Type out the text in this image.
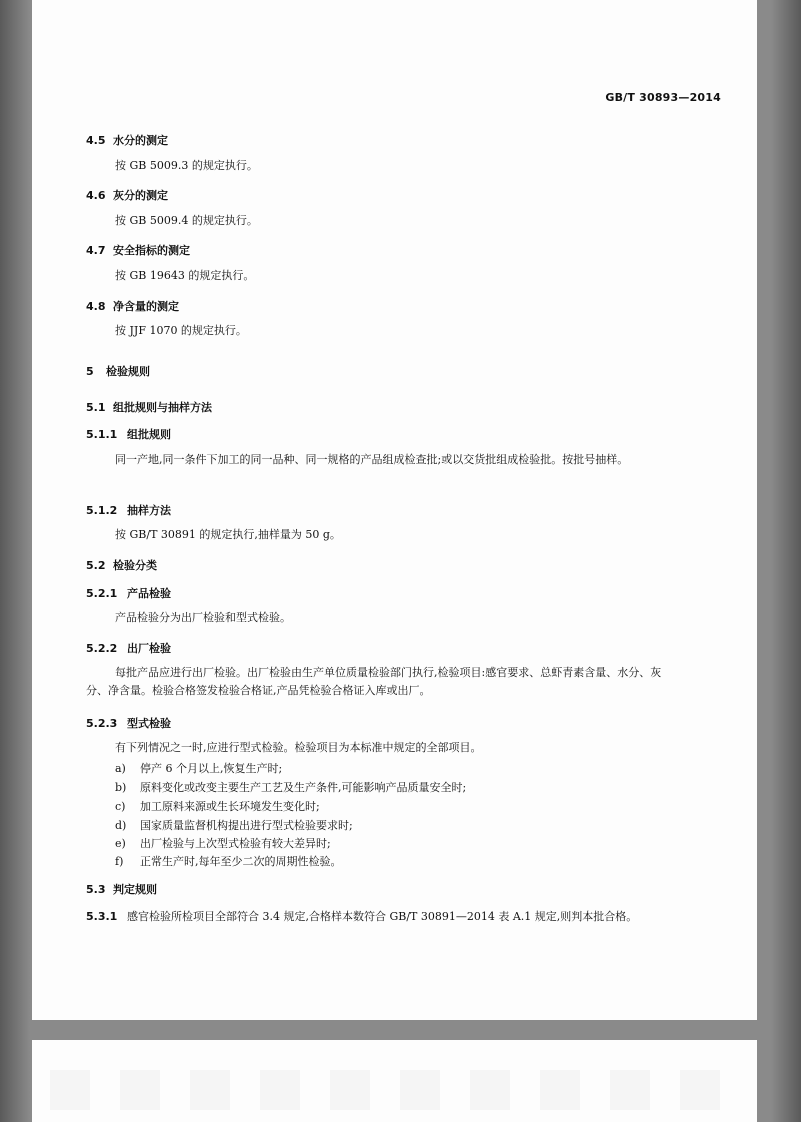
GB/T 30893—2014
4.5 水分的测定
按 GB 5009.3 的规定执行。
4.6 灰分的测定
按 GB 5009.4 的规定执行。
4.7 安全指标的测定
按 GB 19643 的规定执行。
4.8 净含量的测定
按 JJF 1070 的规定执行。
5 检验规则
5.1 组批规则与抽样方法
5.1.1 组批规则
同一产地,同一条件下加工的同一品种、同一规格的产品组成检查批;或以交货批组成检验批。按批号抽样。
5.1.2 抽样方法
按 GB/T 30891 的规定执行,抽样量为 50 g。
5.2 检验分类
5.2.1 产品检验
产品检验分为出厂检验和型式检验。
5.2.2 出厂检验
每批产品应进行出厂检验。出厂检验由生产单位质量检验部门执行,检验项目:感官要求、总虾青素含量、水分、灰分、净含量。检验合格签发检验合格证,产品凭检验合格证入库或出厂。
5.2.3 型式检验
有下列情况之一时,应进行型式检验。检验项目为本标准中规定的全部项目。
a) 停产 6 个月以上,恢复生产时;
b) 原料变化或改变主要生产工艺及生产条件,可能影响产品质量安全时;
c) 加工原料来源或生长环境发生变化时;
d) 国家质量监督机构提出进行型式检验要求时;
e) 出厂检验与上次型式检验有较大差异时;
f) 正常生产时,每年至少二次的周期性检验。
5.3 判定规则
5.3.1 感官检验所检项目全部符合 3.4 规定,合格样本数符合 GB/T 30891—2014 表 A.1 规定,则判本批合格。
